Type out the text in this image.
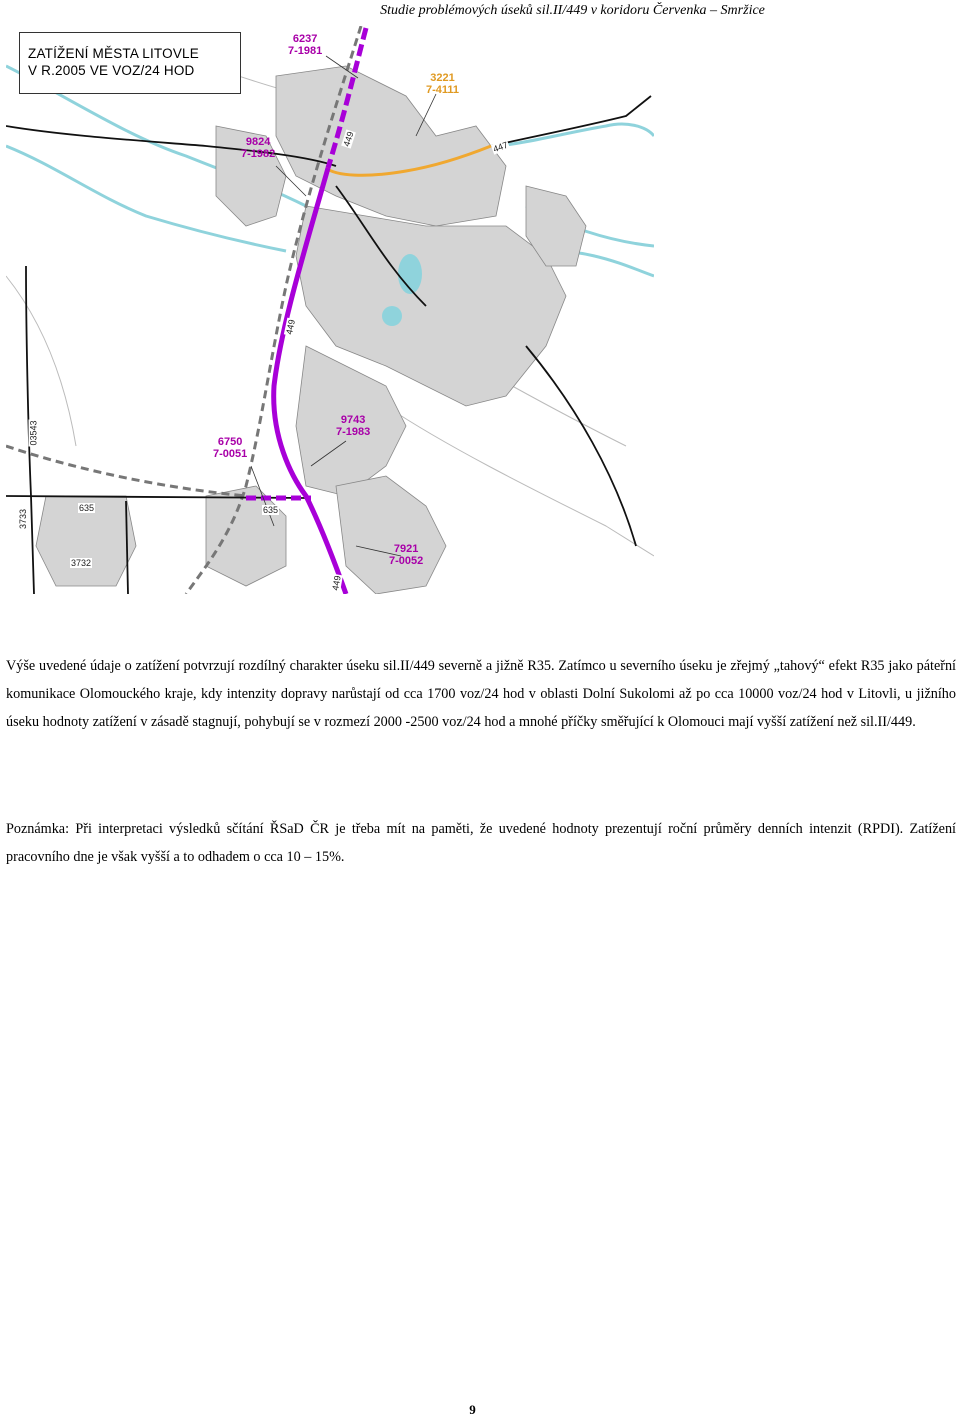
Studie problémových úseků sil.II/449 v koridoru Červenka – Smržice
449	447
449
03543
635
3733	635
3732
449
6237
7-1981
3221
7-4111
9824
7-1982
9743
7-1983
6750
7-0051
7921
7-0052
ZATÍŽENÍ MĚSTA LITOVLE
V R.2005 VE VOZ/24 HOD
Výše uvedené údaje o zatížení potvrzují rozdílný charakter úseku sil.II/449 severně a jižně R35. Zatímco u severního úseku je zřejmý „tahový“ efekt R35 jako páteřní komunikace Olomouckého kraje, kdy intenzity dopravy narůstají od cca 1700 voz/24 hod v oblasti Dolní Sukolomi až po cca 10000 voz/24 hod v Litovli, u jižního úseku hodnoty zatížení v zásadě stagnují, pohybují se v rozmezí 2000 -2500 voz/24 hod a mnohé příčky směřující k Olomouci mají vyšší zatížení než sil.II/449.
Poznámka: Při interpretaci výsledků sčítání ŘSaD ČR je třeba mít na paměti, že uvedené hodnoty prezentují roční průměry denních intenzit (RPDI). Zatížení pracovního dne je však vyšší a to odhadem o cca 10 – 15%.
9
